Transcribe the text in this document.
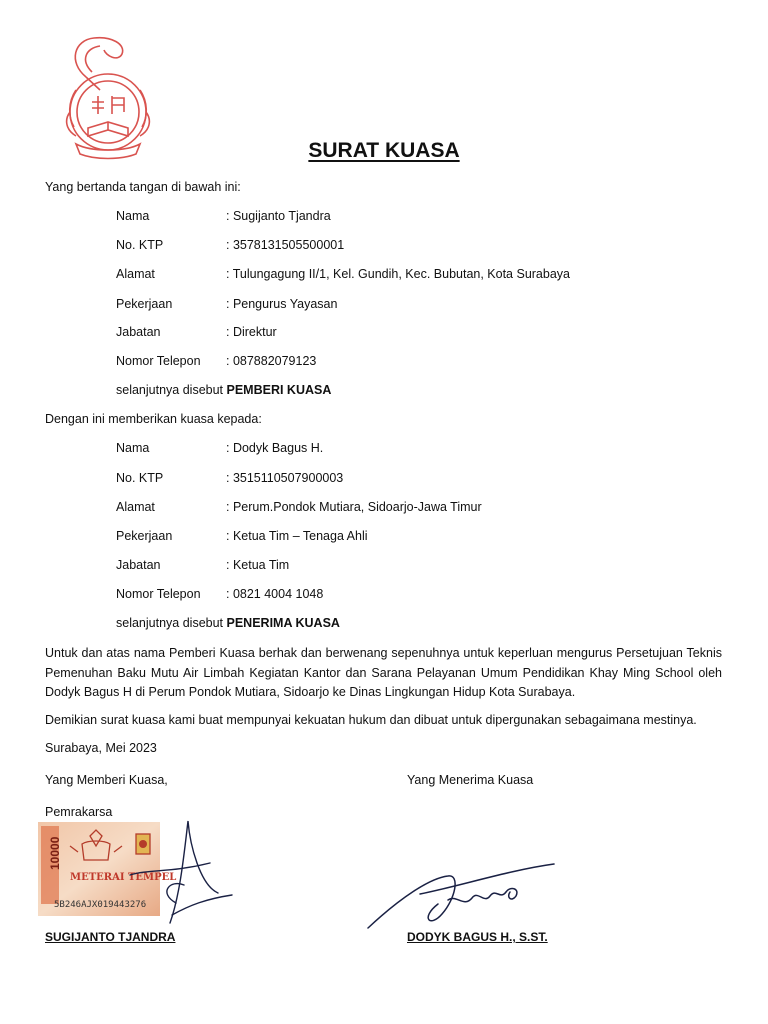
SURAT KUASA
Yang bertanda tangan di bawah ini:
Nama	: Sugijanto Tjandra
No. KTP	: 3578131505500001
Alamat	: Tulungagung II/1, Kel. Gundih, Kec. Bubutan, Kota Surabaya
Pekerjaan	: Pengurus Yayasan
Jabatan	: Direktur
Nomor Telepon : 087882079123
selanjutnya disebut PEMBERI KUASA
Dengan ini memberikan kuasa kepada:
Nama	: Dodyk Bagus H.
No. KTP	: 3515110507900003
Alamat	: Perum.Pondok Mutiara, Sidoarjo-Jawa Timur
Pekerjaan	: Ketua Tim – Tenaga Ahli
Jabatan	: Ketua Tim
Nomor Telepon : 0821 4004 1048
selanjutnya disebut PENERIMA KUASA
Untuk dan atas nama Pemberi Kuasa berhak dan berwenang sepenuhnya untuk keperluan mengurus Persetujuan Teknis Pemenuhan Baku Mutu Air Limbah Kegiatan Kantor dan Sarana Pelayanan Umum Pendidikan Khay Ming School oleh Dodyk Bagus H di Perum Pondok Mutiara, Sidoarjo ke Dinas Lingkungan Hidup Kota Surabaya.
Demikian surat kuasa kami buat mempunyai kekuatan hukum dan dibuat untuk dipergunakan sebagaimana mestinya.
Surabaya, Mei 2023
Yang Memberi Kuasa,	Yang Menerima Kuasa
Pemrakarsa
METERAI TEMPEL
10000
5B246AJX019443276
SUGIJANTO TJANDRA	DODYK BAGUS H., S.ST.
